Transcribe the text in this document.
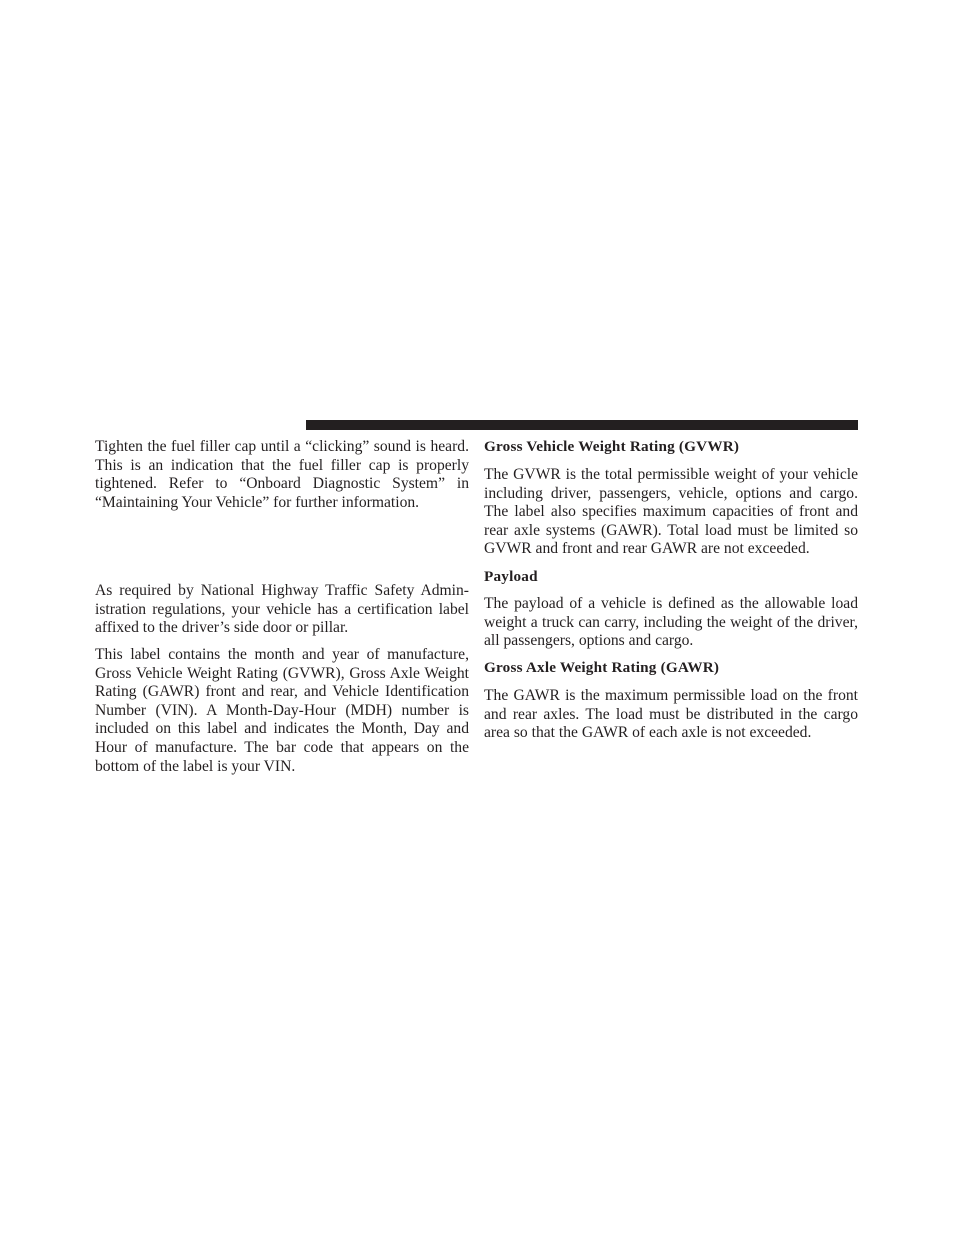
Tighten the fuel filler cap until a “clicking” sound is heard. This is an indication that the fuel filler cap is properly tightened. Refer to “Onboard Diagnostic System” in “Maintaining Your Vehicle” for further information.

As required by National Highway Traffic Safety Administration regulations, your vehicle has a certification label affixed to the driver’s side door or pillar.

This label contains the month and year of manufacture, Gross Vehicle Weight Rating (GVWR), Gross Axle Weight Rating (GAWR) front and rear, and Vehicle Identification Number (VIN). A Month-Day-Hour (MDH) number is included on this label and indicates the Month, Day and Hour of manufacture. The bar code that appears on the bottom of the label is your VIN.

Gross Vehicle Weight Rating (GVWR)

The GVWR is the total permissible weight of your vehicle including driver, passengers, vehicle, options and cargo. The label also specifies maximum capacities of front and rear axle systems (GAWR). Total load must be limited so GVWR and front and rear GAWR are not exceeded.

Payload

The payload of a vehicle is defined as the allowable load weight a truck can carry, including the weight of the driver, all passengers, options and cargo.

Gross Axle Weight Rating (GAWR)

The GAWR is the maximum permissible load on the front and rear axles. The load must be distributed in the cargo area so that the GAWR of each axle is not exceeded.
